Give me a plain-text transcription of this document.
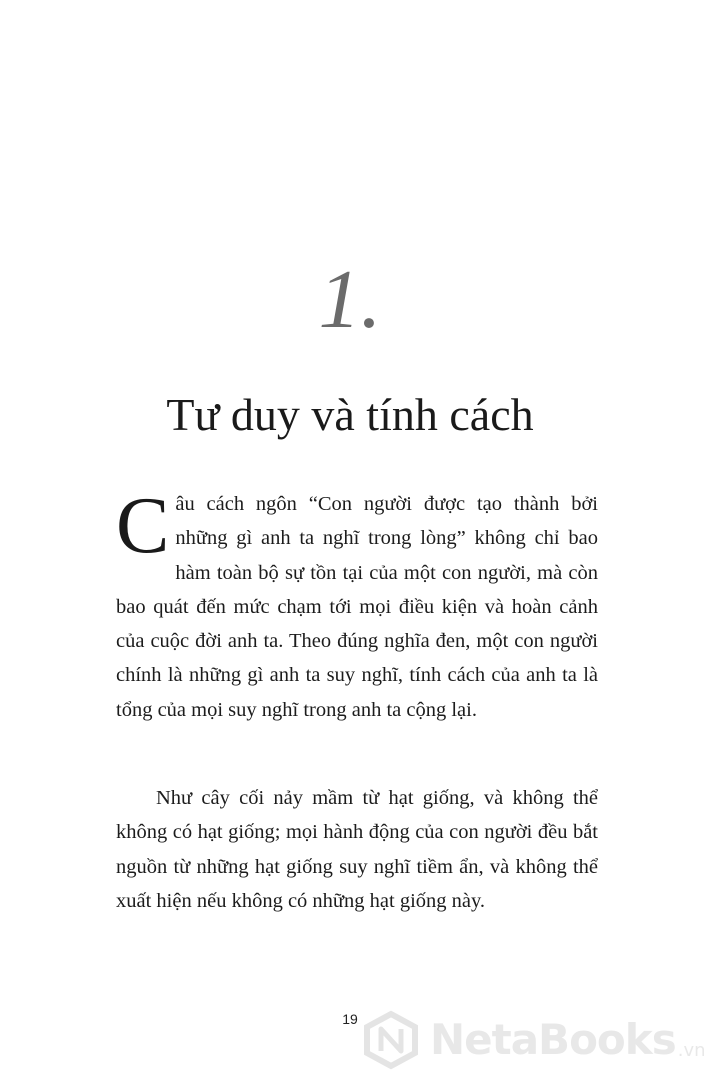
1.
Tư duy và tính cách
Câu cách ngôn “Con người được tạo thành bởi những gì anh ta nghĩ trong lòng” không chỉ bao hàm toàn bộ sự tồn tại của một con người, mà còn bao quát đến mức chạm tới mọi điều kiện và hoàn cảnh của cuộc đời anh ta. Theo đúng nghĩa đen, một con người chính là những gì anh ta suy nghĩ, tính cách của anh ta là tổng của mọi suy nghĩ trong anh ta cộng lại.
Như cây cối nảy mầm từ hạt giống, và không thể không có hạt giống; mọi hành động của con người đều bắt nguồn từ những hạt giống suy nghĩ tiềm ẩn, và không thể xuất hiện nếu không có những hạt giống này.
19	NetaBooks .vn
